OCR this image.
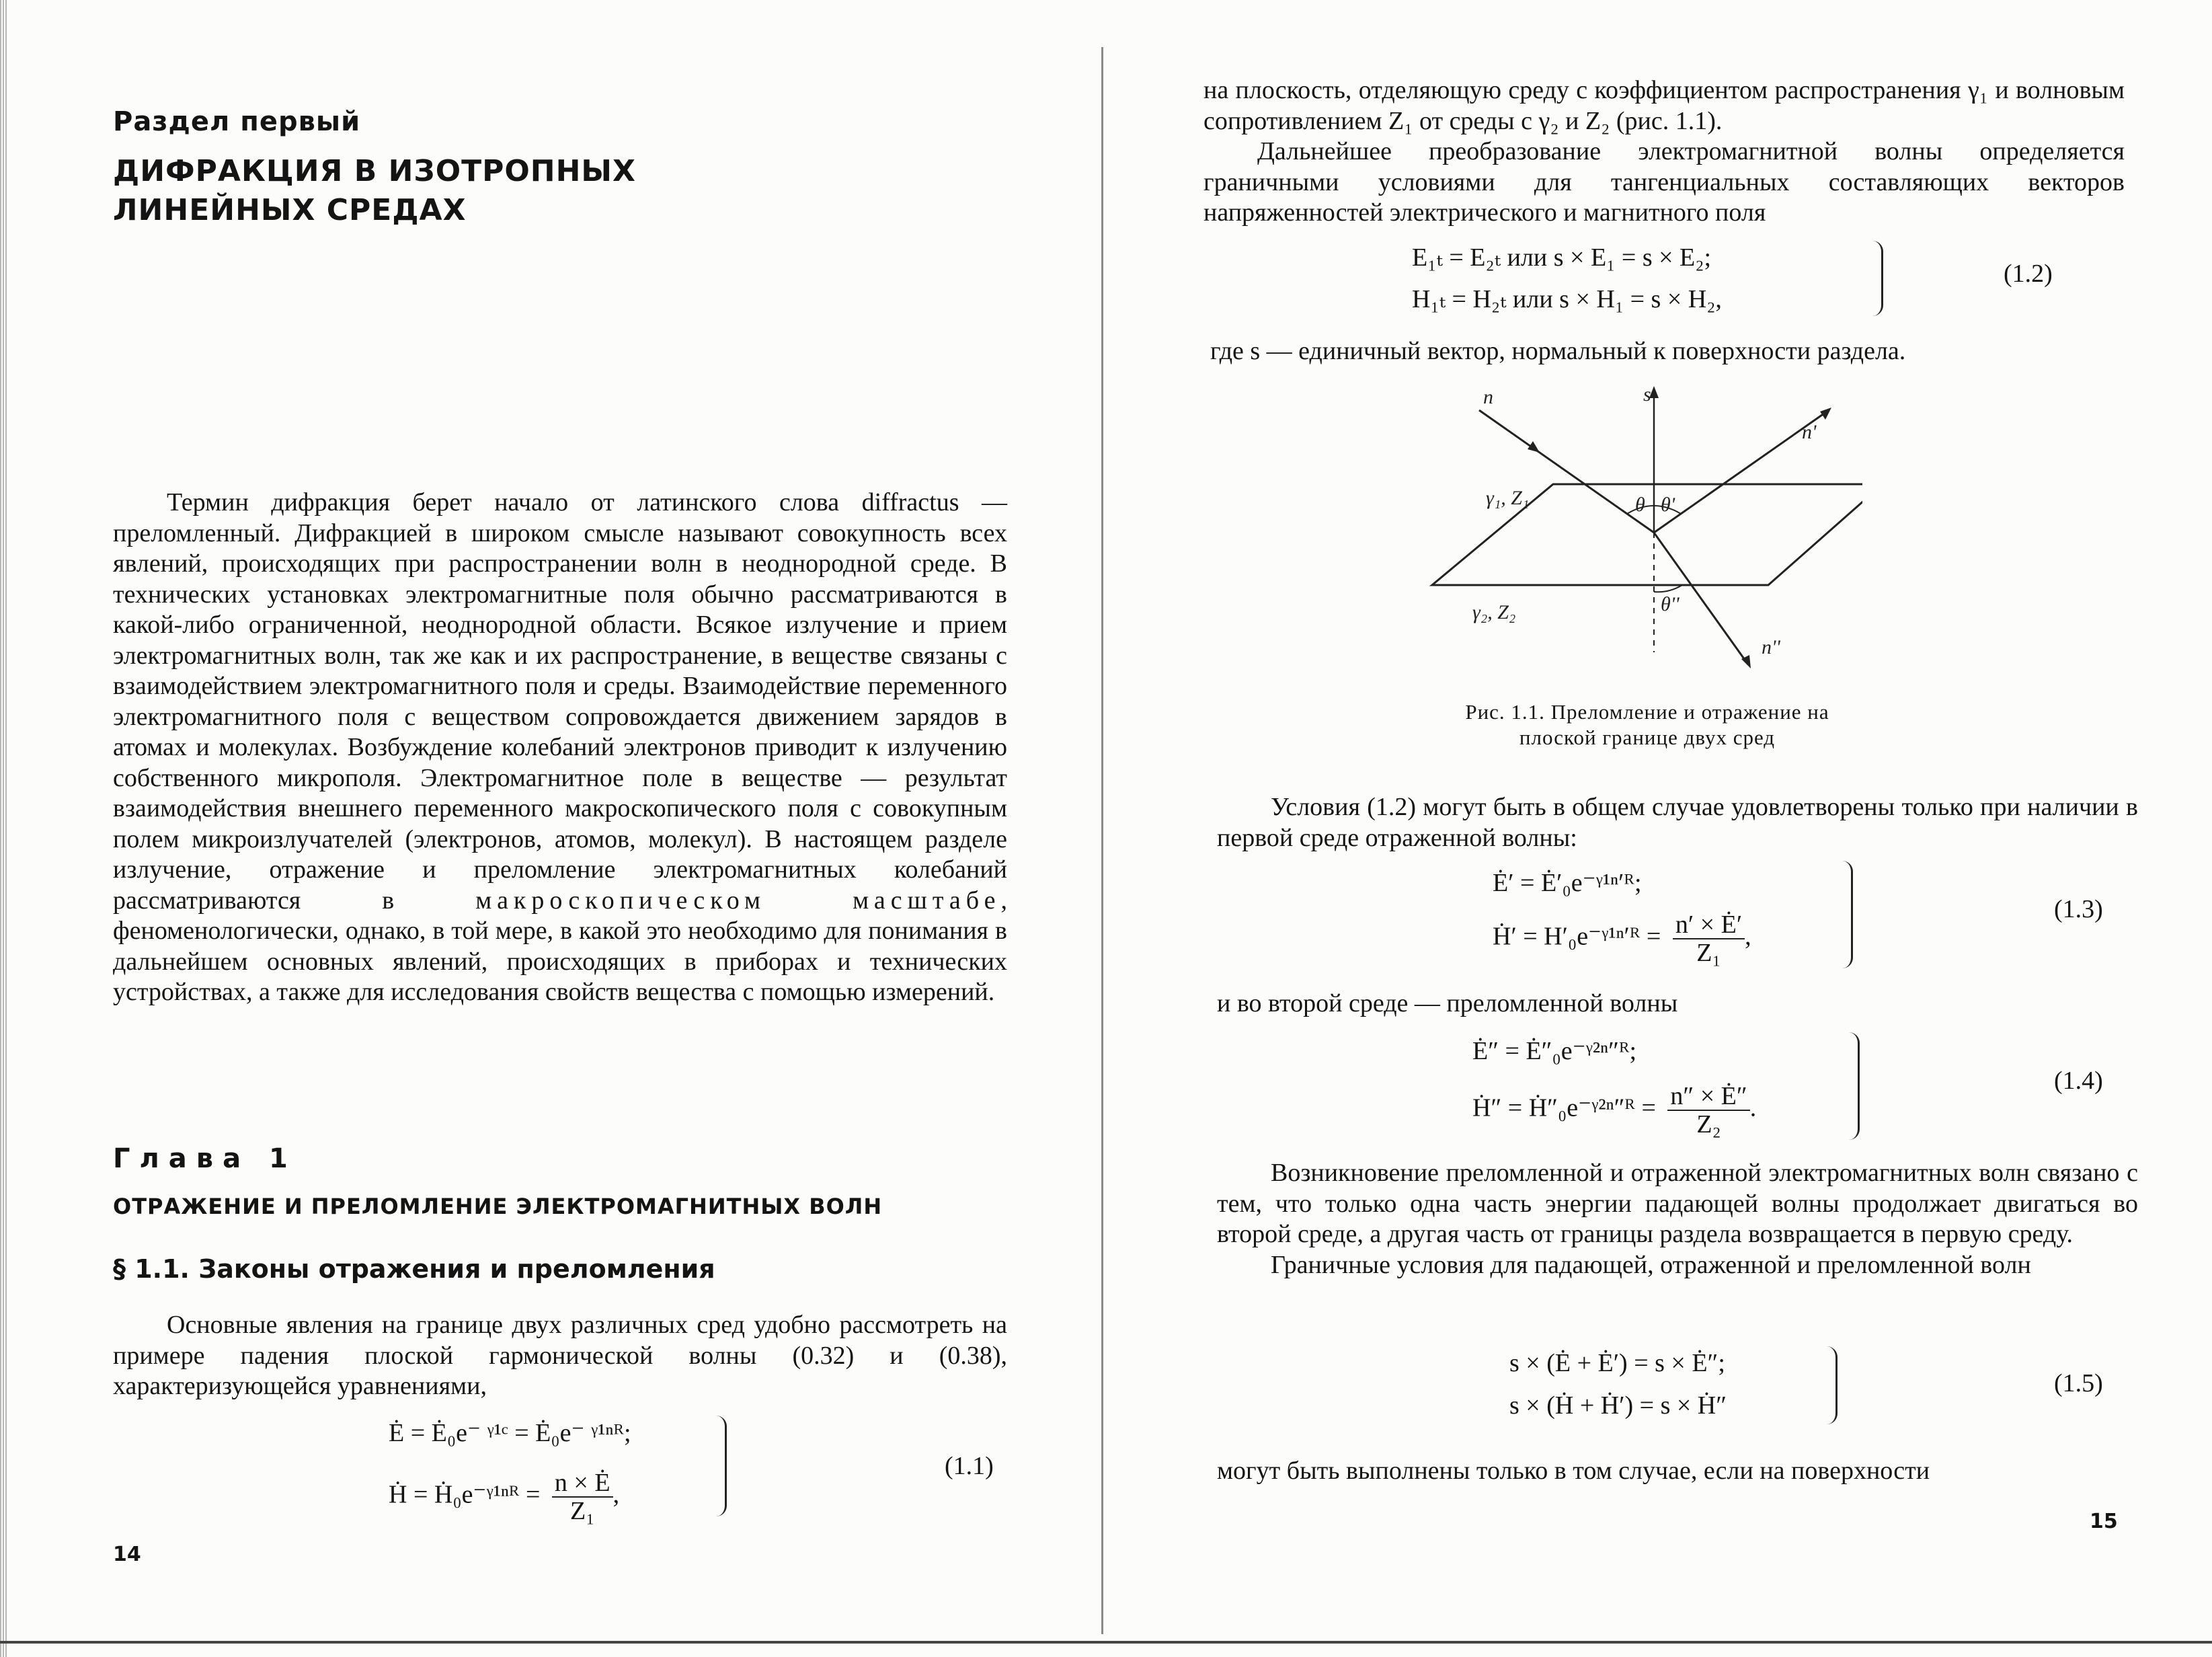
Раздел первый
ДИФРАКЦИЯ В ИЗОТРОПНЫХ
ЛИНЕЙНЫХ СРЕДАХ

Термин дифракция берет начало от латинского слова diffractus — преломленный. Дифракцией в широком смысле называют совокупность всех явлений, происходящих при распространении волн в неоднородной среде. В технических установках электромагнитные поля обычно рассматриваются в какой-либо ограниченной, неоднородной области. Всякое излучение и прием электромагнитных волн, так же как и их распространение, в веществе связаны с взаимодействием электромагнитного поля и среды. Взаимодействие переменного электромагнитного поля с веществом сопровождается движением зарядов в атомах и молекулах. Возбуждение колебаний электронов приводит к излучению собственного микрополя. Электромагнитное поле в веществе — результат взаимодействия внешнего переменного макроскопического поля с совокупным полем микроизлучателей (электронов, атомов, молекул). В настоящем разделе излучение, отражение и преломление электромагнитных колебаний рассматриваются в	макроскопическом масштабе, феноменологически, однако, в той мере, в какой это необходимо для понимания в дальнейшем основных явлений, происходящих в приборах и технических устройствах, а также для исследования свойств вещества с помощью измерений.

Глава 1
ОТРАЖЕНИЕ И ПРЕЛОМЛЕНИЕ ЭЛЕКТРОМАГНИТНЫХ ВОЛН
§ 1.1. Законы отражения и преломления

Основные явления на границе двух различных сред удобно рассмотреть на примере падения плоской гармонической волны (0.32) и (0.38), характеризующейся уравнениями,

Ė = Ė₀e⁻ ᵞ¹ᶜ = Ė₀e⁻ ᵞ¹ⁿᴿ;
Ḣ = Ḣ₀e⁻ᵞ¹ⁿᴿ = $\frac{n \times Ė}{\text{Z₁}}$ ,
(1.1)
14

на плоскость, отделяющую среду с коэффициентом распространения γ₁ и волновым сопротивлением Z₁ от среды с γ₂ и Z₂ (рис. 1.1).

Дальнейшее преобразование электромагнитной волны определяется граничными условиями для тангенциальных составляющих векторов напряженностей электрического и магнитного поля

E₁ₜ = E₂ₜ или s × E₁ = s × E₂;
H₁ₜ = H₂ₜ или s × H₁ = s × H₂,
(1.2)

где s — единичный вектор, нормальный к поверхности раздела.

n	s
n'
γ₁, Z₁
γ₂, Z₂
θ θ'
θ''
n''
Рис. 1.1. Преломление и отражение на
плоской границе двух сред

Условия (1.2) могут быть в общем случае удовлетворены только при наличии в первой среде отраженной волны:

Ė′ = Ė′₀e⁻ᵞ¹ⁿ′ᴿ;
Ḣ′ = H′₀e⁻ᵞ¹ⁿ′ᴿ = $\frac{n' \times Ė'}{\text{Z₁}}$ ,
(1.3)

и во второй среде — преломленной волны

Ė″ = Ė″₀e⁻ᵞ²ⁿ″ᴿ;
Ḣ″ = Ḣ″₀e⁻ᵞ²ⁿ″ᴿ = $\frac{n'' \times Ė''}{\text{Z₂}}$ .
(1.4)

Возникновение преломленной и отраженной электромагнитных волн связано с тем, что только одна часть энергии падающей волны продолжает двигаться во второй среде, а другая часть от границы раздела возвращается в первую среду.

Граничные условия для падающей, отраженной и преломленной волн

s × (Ė + Ė′) = s × Ė″;
s × (Ḣ + Ḣ′) = s × Ḣ″
(1.5)

могут быть выполнены только в том случае, если на поверхности

15
